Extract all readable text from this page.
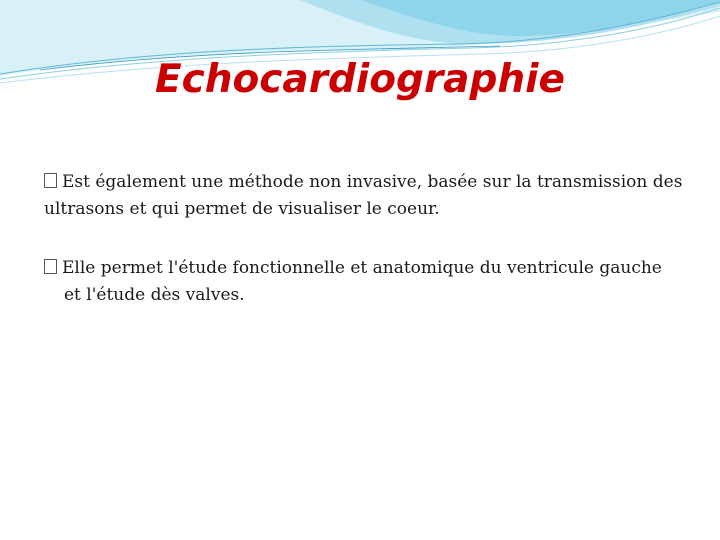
Echocardiographie

Est également une méthode non invasive, basée sur la transmission des ultrasons et qui permet de visualiser le coeur.

Elle permet l'étude fonctionnelle et anatomique du ventricule gauche et l'étude dès valves.
